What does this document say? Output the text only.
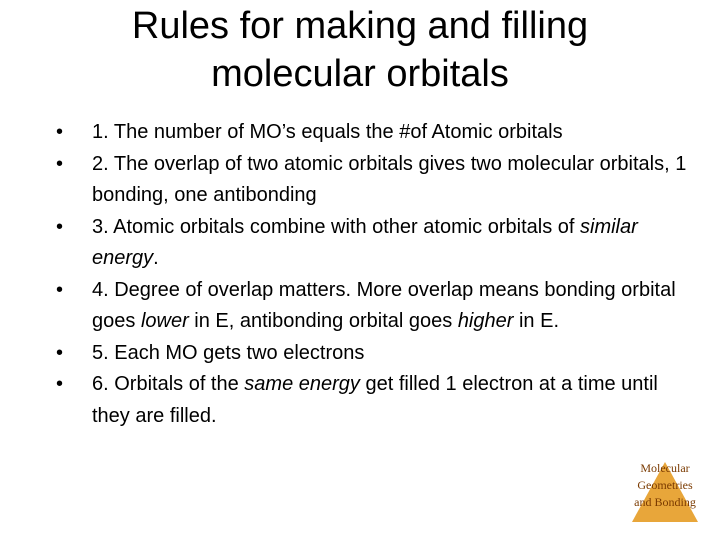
Rules for making and filling
molecular orbitals
• 1. The number of MO’s equals the #of Atomic orbitals
• 2. The overlap of two atomic orbitals gives two molecular orbitals, 1 bonding, one antibonding
• 3. Atomic orbitals combine with other atomic orbitals of similar energy.
• 4. Degree of overlap matters. More overlap means bonding orbital goes lower in E, antibonding orbital goes higher in E.
• 5. Each MO gets two electrons
• 6. Orbitals of the same energy get filled 1 electron at a time until they are filled.
Molecular
Geometries
and Bonding
